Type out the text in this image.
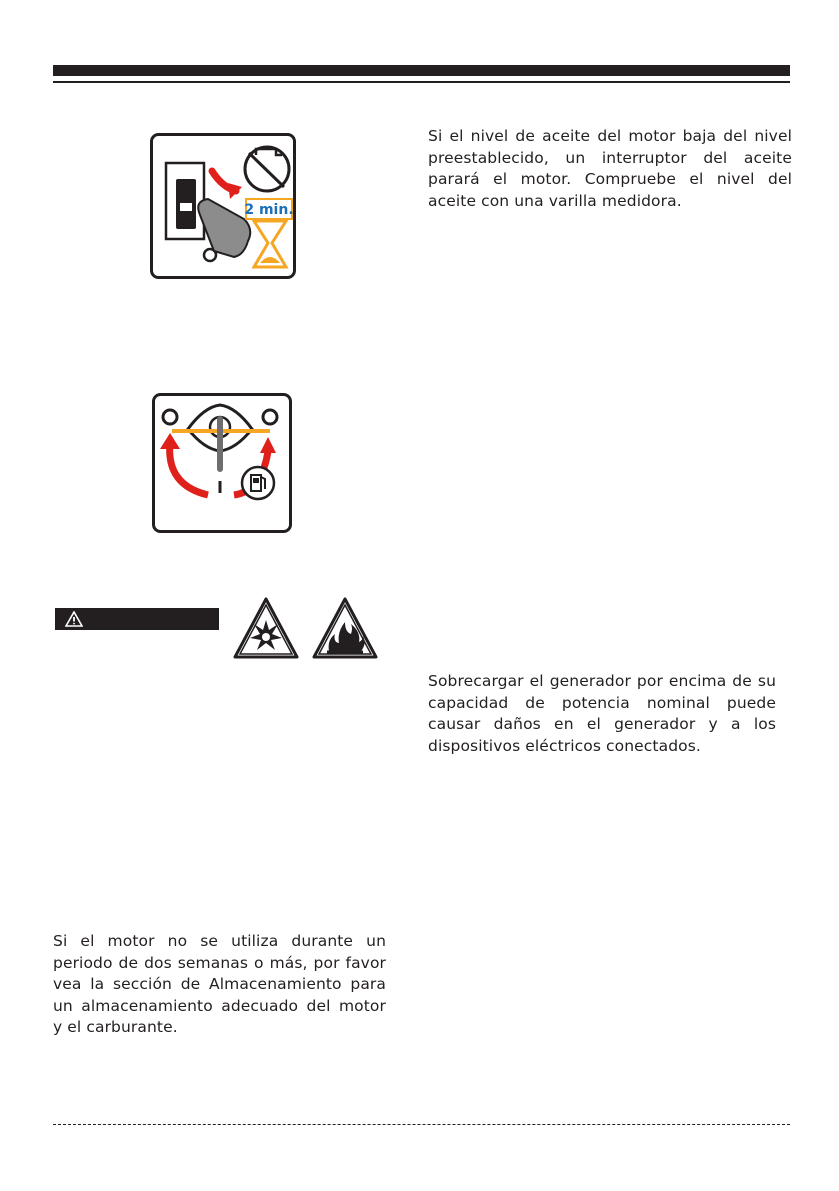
2 min.

Si el nivel de aceite del motor baja del nivel preestablecido, un interruptor del aceite parará el motor. Compruebe el nivel del aceite con una varilla medidora.

Sobrecargar el generador por encima de su capacidad de potencia nominal puede causar daños en el generador y a los dispositivos eléctricos conectados.

Si el motor no se utiliza durante un periodo de dos semanas o más, por favor vea la sección de Almacenamiento para un almacenamiento adecuado del motor y el carburante.
